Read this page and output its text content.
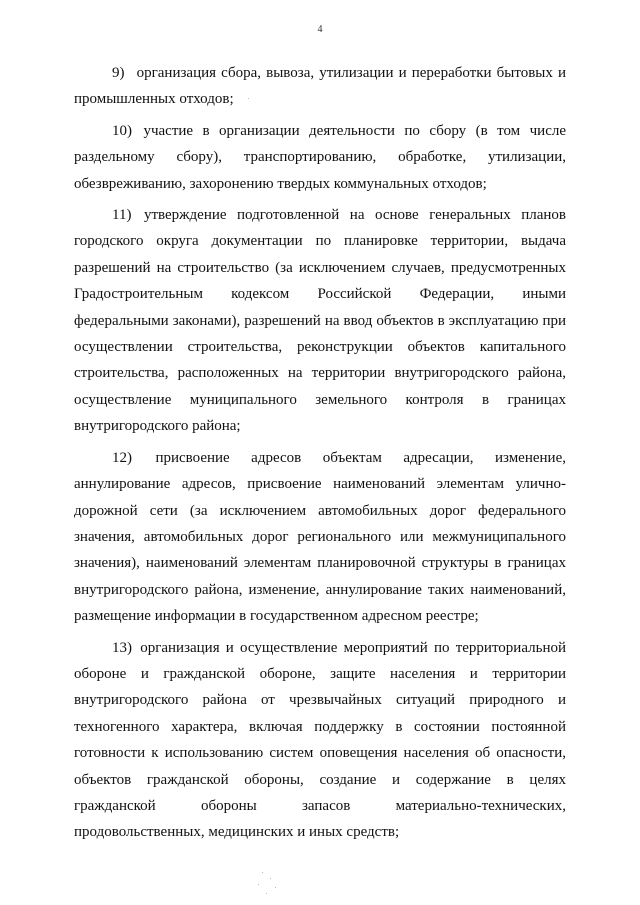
4

9) организация сбора, вывоза, утилизации и переработки бытовых и промышленных отходов;

10) участие в организации деятельности по сбору (в том числе раздельному сбору), транспортированию, обработке, утилизации, обезвреживанию, захоронению твердых коммунальных отходов;

11) утверждение подготовленной на основе генеральных планов городского округа документации по планировке территории, выдача разрешений на строительство (за исключением случаев, предусмотренных Градостроительным кодексом Российской Федерации, иными федеральными законами), разрешений на ввод объектов в эксплуатацию при осуществлении строительства, реконструкции объектов капитального строительства, расположенных на территории внутригородского района, осуществление муниципального земельного контроля в границах внутригородского района;

12) присвоение адресов объектам адресации, изменение, аннулирование адресов, присвоение наименований элементам улично-дорожной сети (за исключением автомобильных дорог федерального значения, автомобильных дорог регионального или межмуниципального значения), наименований элементам планировочной структуры в границах внутригородского района, изменение, аннулирование таких наименований, размещение информации в государственном адресном реестре;

13) организация и осуществление мероприятий по территориальной обороне и гражданской обороне, защите населения и территории внутригородского района от чрезвычайных ситуаций природного и техногенного характера, включая поддержку в состоянии постоянной готовности к использованию систем оповещения населения об опасности, объектов гражданской обороны, создание и содержание в целях гражданской обороны запасов материально-технических, продовольственных, медицинских и иных средств;
